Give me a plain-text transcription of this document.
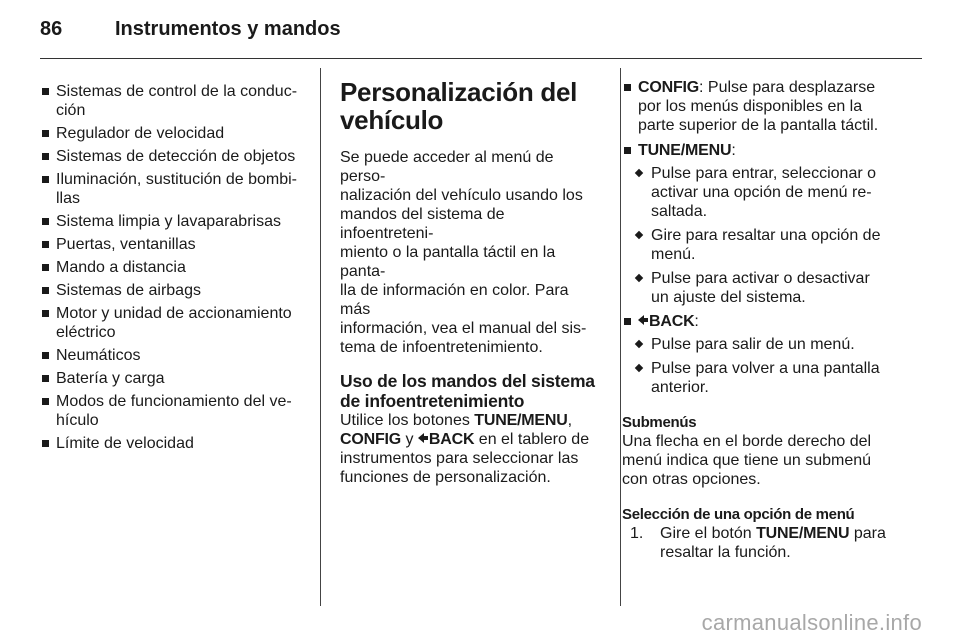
86	Instrumentos y mandos
Sistemas de control de la conduc-
ción
Regulador de velocidad
Sistemas de detección de objetos
Iluminación, sustitución de bombi-
llas
Sistema limpia y lavaparabrisas
Puertas, ventanillas
Mando a distancia
Sistemas de airbags
Motor y unidad de accionamiento
eléctrico
Neumáticos
Batería y carga
Modos de funcionamiento del ve-
hículo
Límite de velocidad
Personalización del
vehículo

Se puede acceder al menú de perso-
nalización del vehículo usando los
mandos del sistema de infoentreteni-
miento o la pantalla táctil en la panta-
lla de información en color. Para más
información, vea el manual del sis-
tema de infoentretenimiento.

Uso de los mandos del sistema
de infoentretenimiento

Utilice los botones TUNE/MENU,
CONFIG y BACK en el tablero de
instrumentos para seleccionar las
funciones de personalización.

CONFIG: Pulse para desplazarse
por los menús disponibles en la
parte superior de la pantalla táctil.
TUNE/MENU:
Pulse para entrar, seleccionar o
activar una opción de menú re-
saltada.
Gire para resaltar una opción de
menú.
Pulse para activar o desactivar
un ajuste del sistema.
BACK:
Pulse para salir de un menú.
Pulse para volver a una pantalla
anterior.
Submenús

Una flecha en el borde derecho del
menú indica que tiene un submenú
con otras opciones.

Selección de una opción de menú
1. Gire el botón TUNE/MENU para
resaltar la función.
carmanualsonline.info
